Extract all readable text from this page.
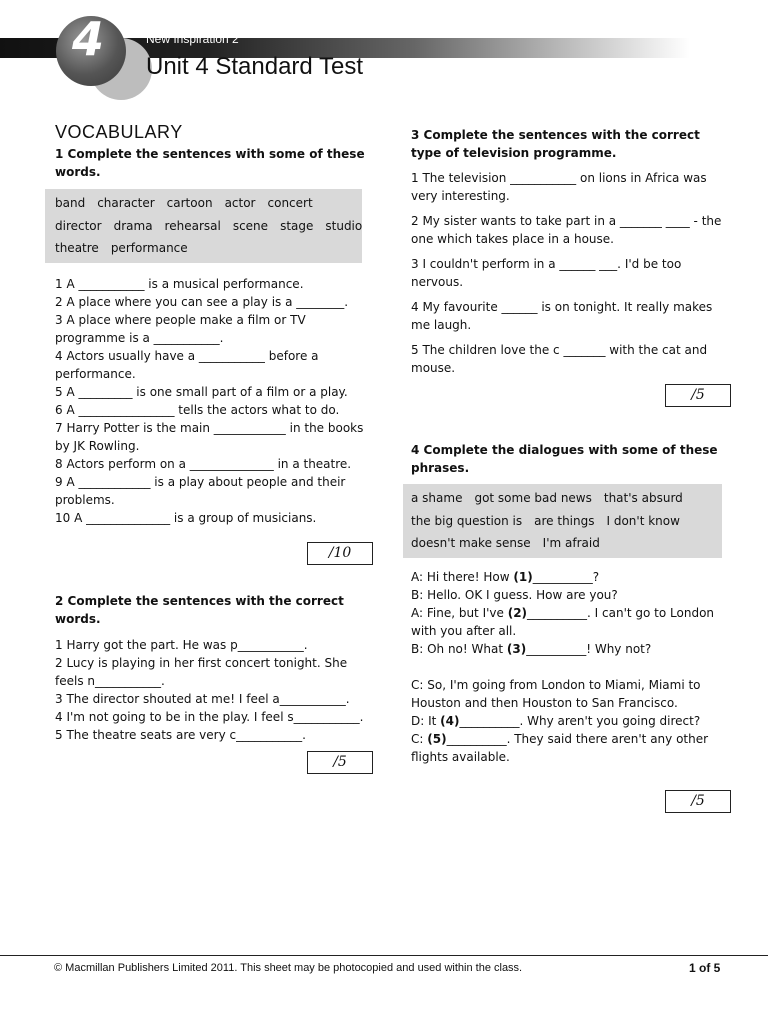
4	New Inspiration 2
Unit 4 Standard Test
VOCABULARY

1 Complete the sentences with some of these words.

band character cartoon actor concert
director drama rehearsal scene stage studio
theatre performance

1 A ___________ is a musical performance.

2 A place where you can see a play is a ________.

3 A place where people make a film or TV programme is a ___________.

4 Actors usually have a ___________ before a performance.

5 A _________ is one small part of a film or a play.

6 A ________________ tells the actors what to do.

7 Harry Potter is the main ____________ in the books by JK Rowling.

8 Actors perform on a ______________ in a theatre.

9 A ____________ is a play about people and their problems.

10 A ______________ is a group of musicians.

/10

2 Complete the sentences with the correct words.

1 Harry got the part. He was p___________.

2 Lucy is playing in her first concert tonight. She feels n___________.

3 The director shouted at me! I feel a___________.

4 I'm not going to be in the play. I feel s___________.

5 The theatre seats are very c___________.

/5

3 Complete the sentences with the correct type of television programme.

1 The television ___________ on lions in Africa was very interesting.

2 My sister wants to take part in a _______ ____ - the one which takes place in a house.

3 I couldn't perform in a ______ ___. I'd be too nervous.

4 My favourite ______ is on tonight. It really makes me laugh.

5 The children love the c _______ with the cat and mouse.

/5

4 Complete the dialogues with some of these phrases.

a shame got some bad news that's absurd
the big question is are things I don't know
doesn't make sense I'm afraid

A: Hi there! How (1)__________?

B: Hello. OK I guess. How are you?

A: Fine, but I've (2)__________. I can't go to London with you after all.

B: Oh no! What (3)__________! Why not?

C: So, I'm going from London to Miami, Miami to Houston and then Houston to San Francisco.

D: It (4)__________. Why aren't you going direct?

C: (5)__________. They said there aren't any other flights available.

/5
© Macmillan Publishers Limited 2011. This sheet may be photocopied and used within the class.	1 of 5
